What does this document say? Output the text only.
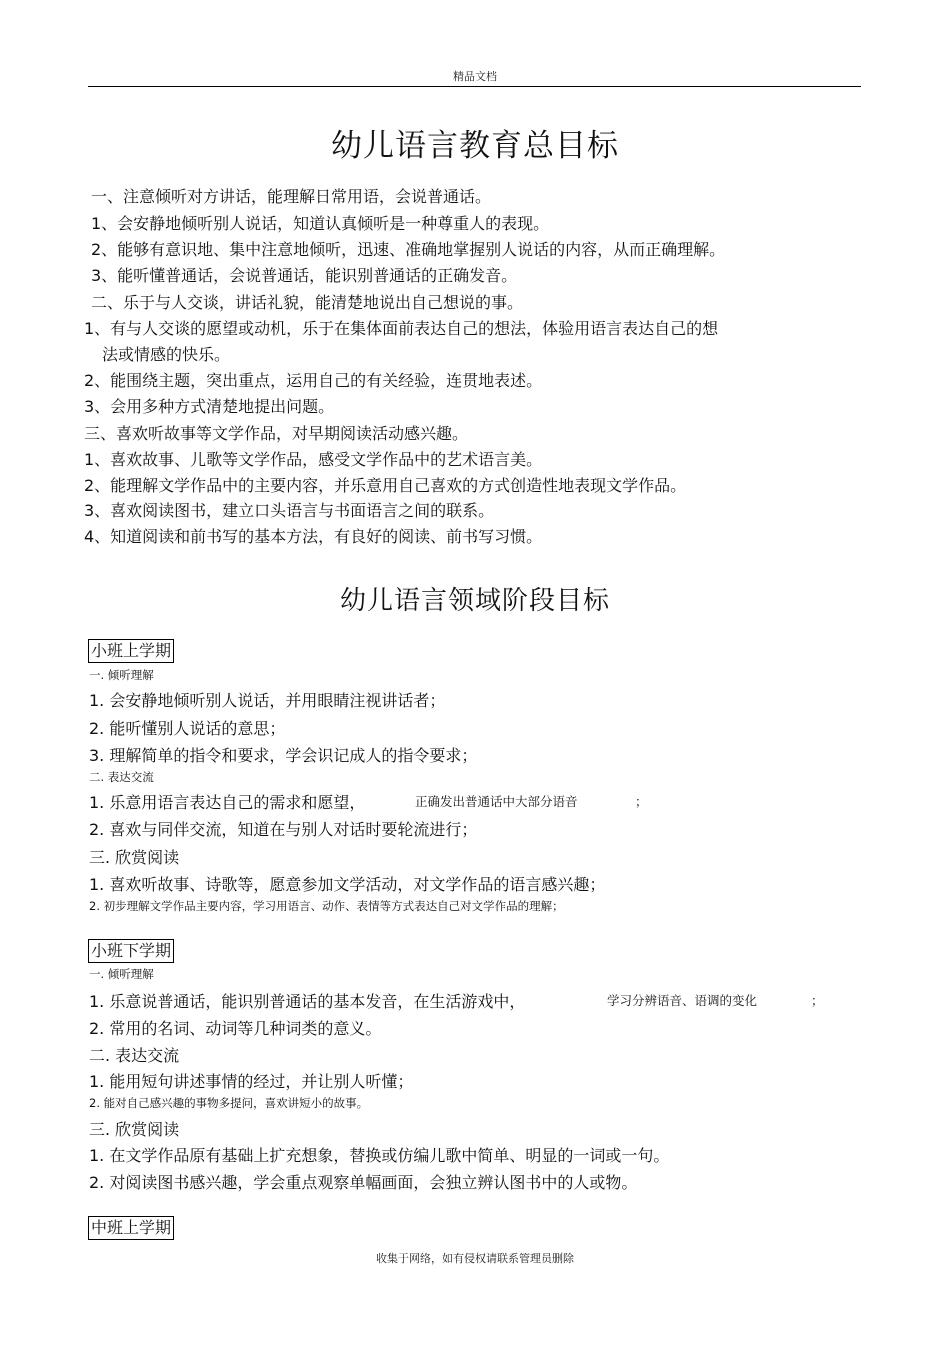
精品文档
幼儿语言教育总目标
一、注意倾听对方讲话，能理解日常用语，会说普通话。
1、会安静地倾听别人说话，知道认真倾听是一种尊重人的表现。
2、能够有意识地、集中注意地倾听，迅速、准确地掌握别人说话的内容，从而正确理解。
3、能听懂普通话，会说普通话，能识别普通话的正确发音。
二、乐于与人交谈，讲话礼貌，能清楚地说出自己想说的事。
1、有与人交谈的愿望或动机，乐于在集体面前表达自己的想法，体验用语言表达自己的想
法或情感的快乐。
2、能围绕主题，突出重点，运用自己的有关经验，连贯地表述。
3、会用多种方式清楚地提出问题。
三、喜欢听故事等文学作品，对早期阅读活动感兴趣。
1、喜欢故事、儿歌等文学作品，感受文学作品中的艺术语言美。
2、能理解文学作品中的主要内容，并乐意用自己喜欢的方式创造性地表现文学作品。
3、喜欢阅读图书，建立口头语言与书面语言之间的联系。
4、知道阅读和前书写的基本方法，有良好的阅读、前书写习惯。
幼儿语言领域阶段目标
小班上学期
一. 倾听理解
1. 会安静地倾听别人说话，并用眼睛注视讲话者；
2. 能听懂别人说话的意思；
3. 理解简单的指令和要求，学会识记成人的指令要求；
二. 表达交流
1. 乐意用语言表达自己的需求和愿望，	正确发出普通话中大部分语音	；
2. 喜欢与同伴交流，知道在与别人对话时要轮流进行；
三. 欣赏阅读
1. 喜欢听故事、诗歌等，愿意参加文学活动，对文学作品的语言感兴趣；
2. 初步理解文学作品主要内容，学习用语言、动作、表情等方式表达自己对文学作品的理解；
小班下学期
一. 倾听理解
1. 乐意说普通话，能识别普通话的基本发音，在生活游戏中，	学习分辨语音、语调的变化	；
2. 常用的名词、动词等几种词类的意义。
二. 表达交流
1. 能用短句讲述事情的经过，并让别人听懂；
2. 能对自己感兴趣的事物多提问，喜欢讲短小的故事。
三. 欣赏阅读
1. 在文学作品原有基础上扩充想象，替换或仿编儿歌中简单、明显的一词或一句。
2. 对阅读图书感兴趣，学会重点观察单幅画面，会独立辨认图书中的人或物。
中班上学期
收集于网络，如有侵权请联系管理员删除
